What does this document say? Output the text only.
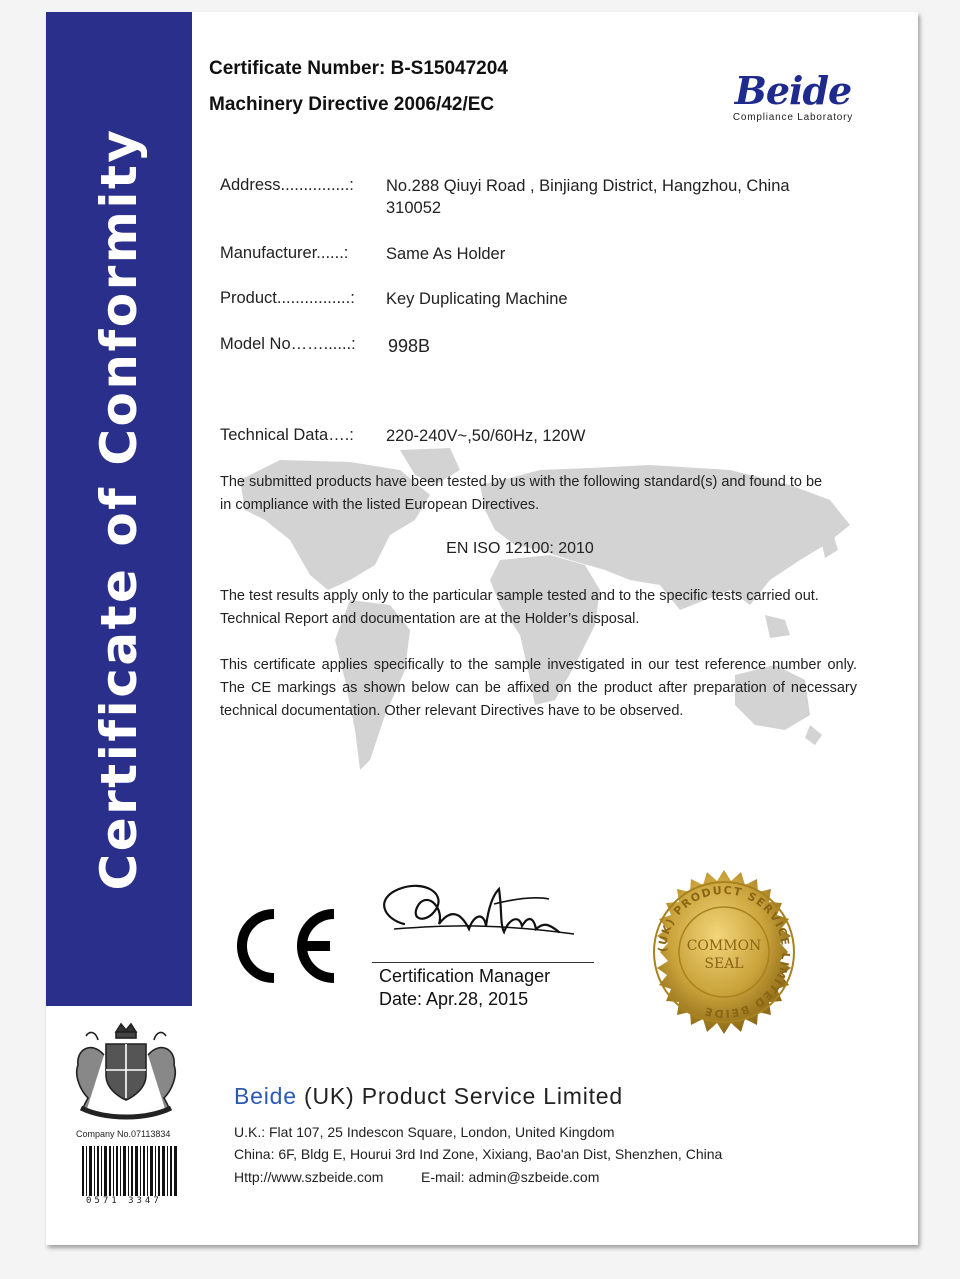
Certificate of Conformity
Certificate Number: B-S15047204
Machinery Directive 2006/42/EC	Beide
Compliance Laboratory
Address...............: No.288 Qiuyi Road , Binjiang District, Hangzhou, China
310052
Manufacturer......: Same As Holder
Product................: Key Duplicating Machine
Model No……......: 998B
Technical Data….: 220-240V~,50/60Hz, 120W
The submitted products have been tested by us with the following standard(s) and found to be
in compliance with the listed European Directives.
EN ISO 12100: 2010
The test results apply only to the particular sample tested and to the specific tests carried out.
Technical Report and documentation are at the Holder’s disposal.
This certificate applies specifically to the sample investigated in our test reference number only. The CE markings as shown below can be affixed on the product after preparation of necessary technical documentation. Other relevant Directives have to be observed.
Certification Manager
Date: Apr.28, 2015
(UK) PRODUCT SERVICE LIMITED BEIDE
COMMON
SEAL
Company No.07113834
0571 3347
Beide (UK) Product Service Limited
U.K.: Flat 107, 25 Indescon Square, London, United Kingdom
China: 6F, Bldg E, Hourui 3rd Ind Zone, Xixiang, Bao'an Dist, Shenzhen, China
Http://www.szbeide.com	E-mail: admin@szbeide.com
